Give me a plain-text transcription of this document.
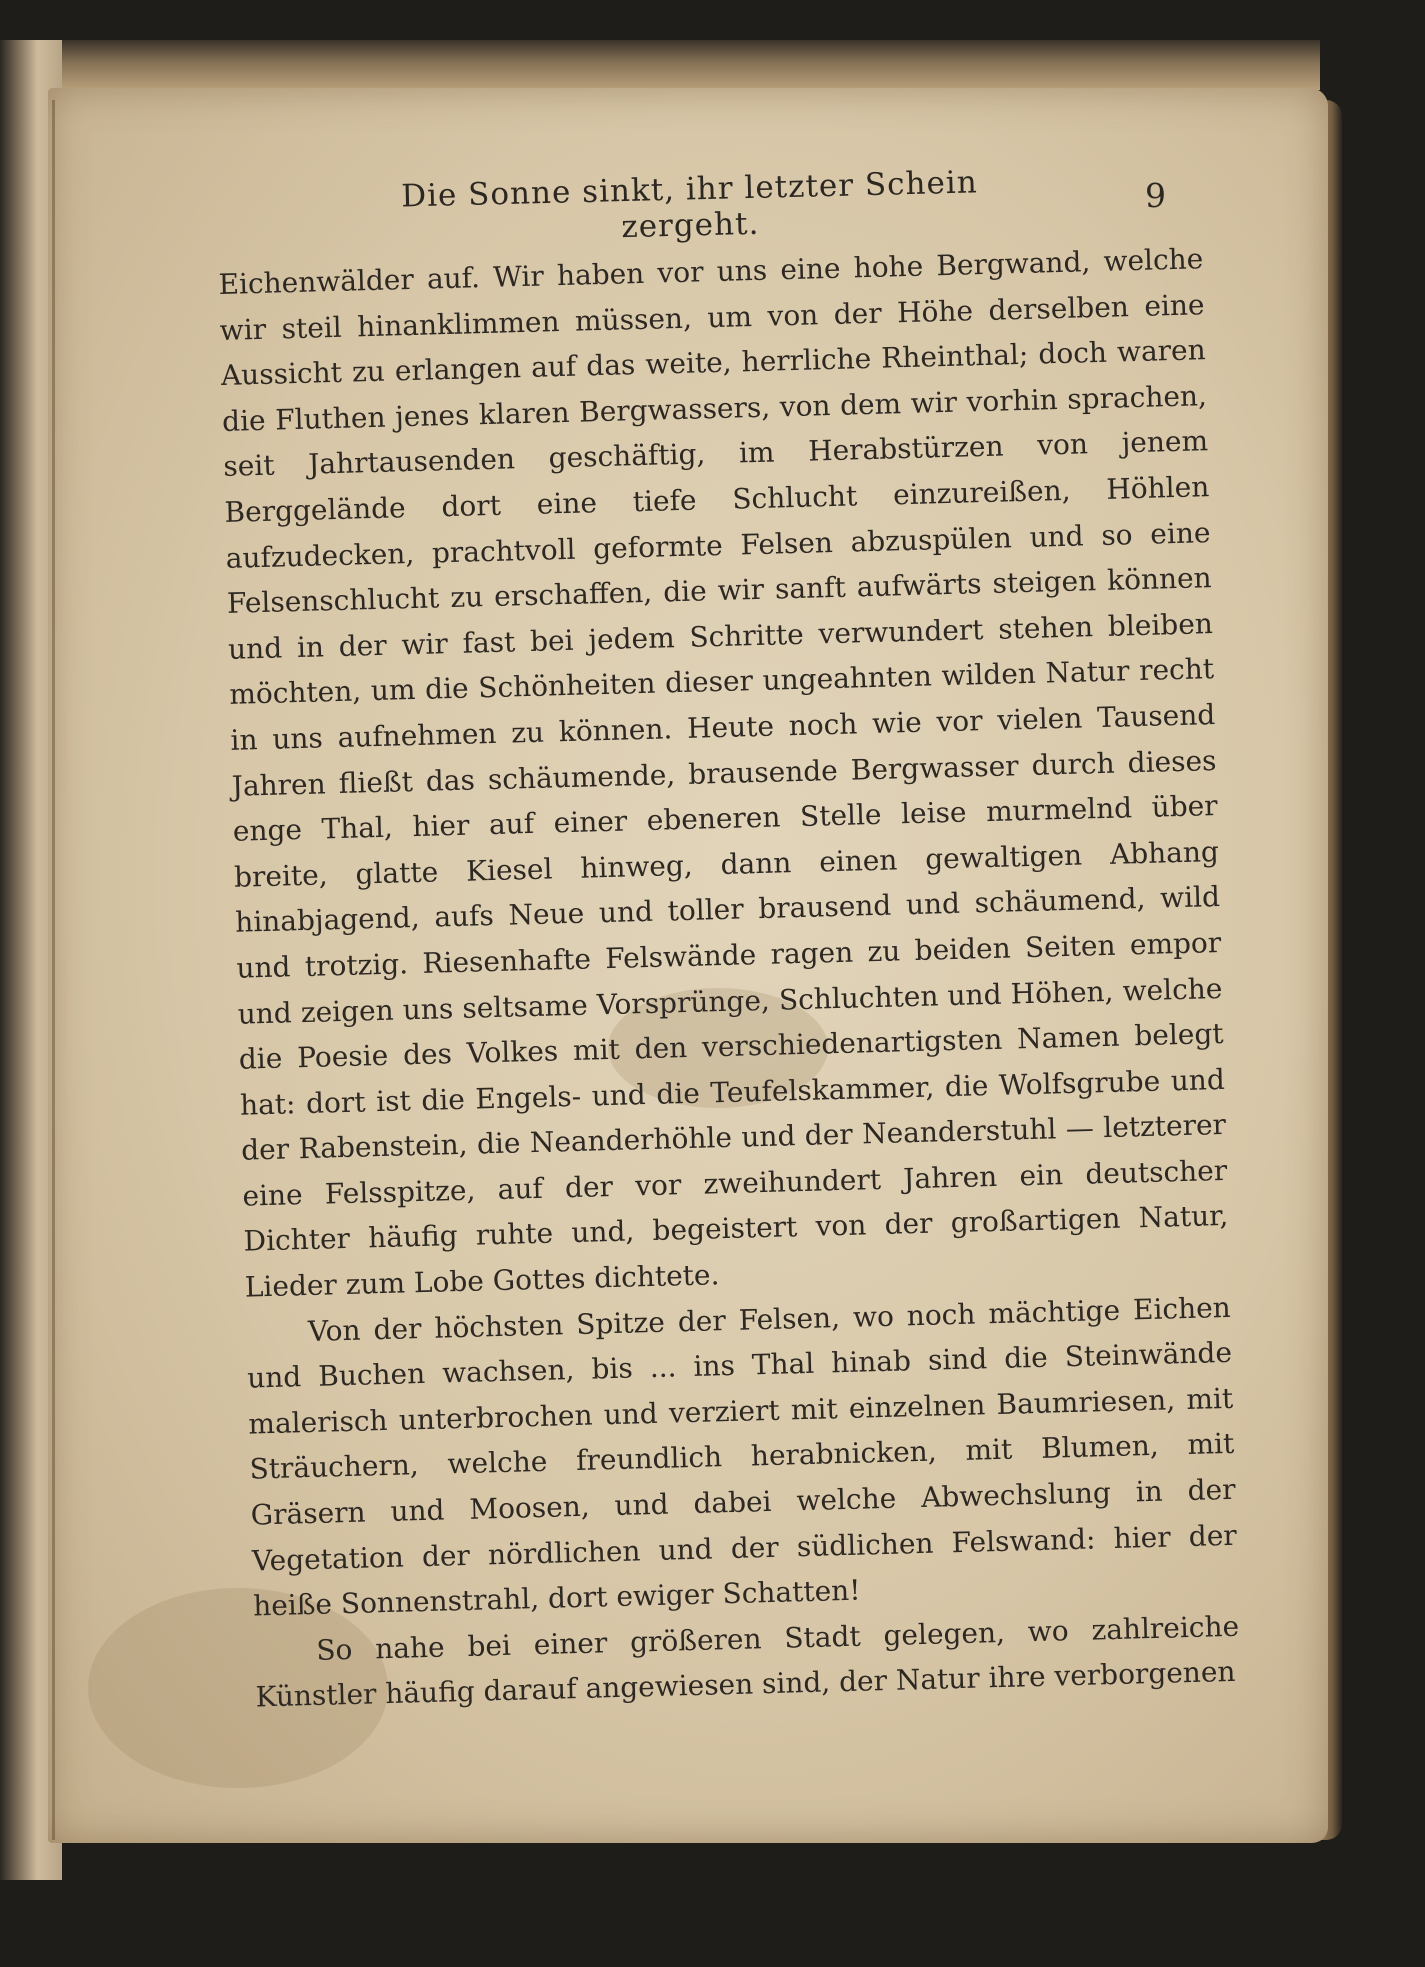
Die Sonne sinkt, ihr letzter Schein zergeht.
9

Eichenwälder auf. Wir haben vor uns eine hohe Bergwand, welche wir steil hinanklimmen müssen, um von der Höhe derselben eine Aussicht zu erlangen auf das weite, herrliche Rheinthal; doch waren die Fluthen jenes klaren Bergwassers, von dem wir vorhin sprachen, seit Jahrtausenden geschäftig, im Herabstürzen von jenem Berggelände dort eine tiefe Schlucht einzureißen, Höhlen aufzudecken, prachtvoll geformte Felsen abzuspülen und so eine Felsenschlucht zu erschaffen, die wir sanft aufwärts steigen können und in der wir fast bei jedem Schritte verwundert stehen bleiben möchten, um die Schönheiten dieser ungeahnten wilden Natur recht in uns aufnehmen zu können. Heute noch wie vor vielen Tausend Jahren fließt das schäumende, brausende Bergwasser durch dieses enge Thal, hier auf einer ebeneren Stelle leise murmelnd über breite, glatte Kiesel hinweg, dann einen gewaltigen Abhang hinabjagend, aufs Neue und toller brausend und schäumend, wild und trotzig. Riesenhafte Felswände ragen zu beiden Seiten empor und zeigen uns seltsame Vorsprünge, Schluchten und Höhen, welche die Poesie des Volkes mit den verschiedenartigsten Namen belegt hat: dort ist die Engels- und die Teufelskammer, die Wolfsgrube und der Rabenstein, die Neanderhöhle und der Neanderstuhl — letzterer eine Felsspitze, auf der vor zweihundert Jahren ein deutscher Dichter häufig ruhte und, begeistert von der großartigen Natur, Lieder zum Lobe Gottes dichtete.

Von der höchsten Spitze der Felsen, wo noch mächtige Eichen und Buchen wachsen, bis ... ins Thal hinab sind die Steinwände malerisch unterbrochen und verziert mit einzelnen Baumriesen, mit Sträuchern, welche freundlich herabnicken, mit Blumen, mit Gräsern und Moosen, und dabei welche Abwechslung in der Vegetation der nördlichen und der südlichen Felswand: hier der heiße Sonnenstrahl, dort ewiger Schatten!

So nahe bei einer größeren Stadt gelegen, wo zahlreiche Künstler häufig darauf angewiesen sind, der Natur ihre verborgenen
